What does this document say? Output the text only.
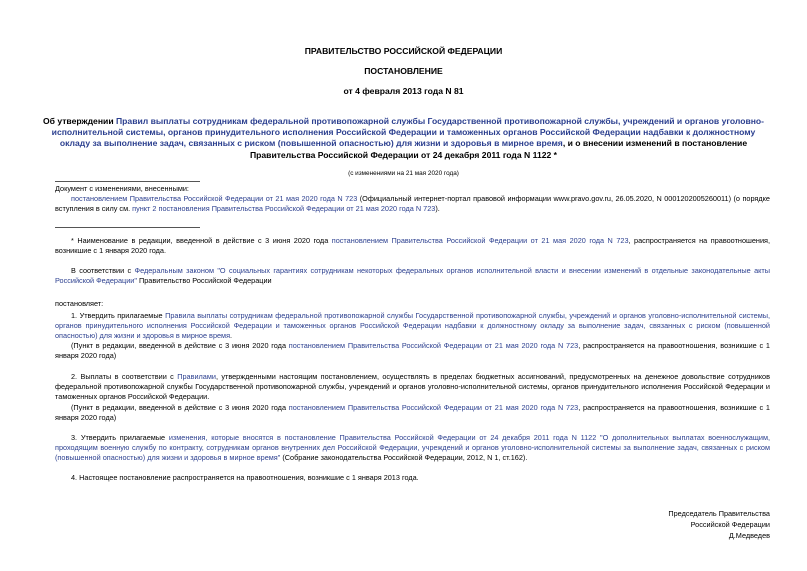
ПРАВИТЕЛЬСТВО РОССИЙСКОЙ ФЕДЕРАЦИИ
ПОСТАНОВЛЕНИЕ
от 4 февраля 2013 года N 81
Об утверждении Правил выплаты сотрудникам федеральной противопожарной службы Государственной противопожарной службы, учреждений и органов уголовно-исполнительной системы, органов принудительного исполнения Российской Федерации и таможенных органов Российской Федерации надбавки к должностному окладу за выполнение задач, связанных с риском (повышенной опасностью) для жизни и здоровья в мирное время, и о внесении изменений в постановление Правительства Российской Федерации от 24 декабря 2011 года N 1122 *
(с изменениями на 21 мая 2020 года)
Документ с изменениями, внесенными:
постановлением Правительства Российской Федерации от 21 мая 2020 года N 723 (Официальный интернет-портал правовой информации www.pravo.gov.ru, 26.05.2020, N 0001202005260011) (о порядке вступления в силу см. пункт 2 постановления Правительства Российской Федерации от 21 мая 2020 года N 723).
* Наименование в редакции, введенной в действие с 3 июня 2020 года постановлением Правительства Российской Федерации от 21 мая 2020 года N 723, распространяется на правоотношения, возникшие с 1 января 2020 года.
В соответствии с Федеральным законом "О социальных гарантиях сотрудникам некоторых федеральных органов исполнительной власти и внесении изменений в отдельные законодательные акты Российской Федерации" Правительство Российской Федерации
постановляет:
1. Утвердить прилагаемые Правила выплаты сотрудникам федеральной противопожарной службы Государственной противопожарной службы, учреждений и органов уголовно-исполнительной системы, органов принудительного исполнения Российской Федерации и таможенных органов Российской Федерации надбавки к должностному окладу за выполнение задач, связанных с риском (повышенной опасностью) для жизни и здоровья в мирное время.
(Пункт в редакции, введенной в действие с 3 июня 2020 года постановлением Правительства Российской Федерации от 21 мая 2020 года N 723, распространяется на правоотношения, возникшие с 1 января 2020 года)
2. Выплаты в соответствии с Правилами, утвержденными настоящим постановлением, осуществлять в пределах бюджетных ассигнований, предусмотренных на денежное довольствие сотрудников федеральной противопожарной службы Государственной противопожарной службы, учреждений и органов уголовно-исполнительной системы, органов принудительного исполнения Российской Федерации и таможенных органов Российской Федерации.
(Пункт в редакции, введенной в действие с 3 июня 2020 года постановлением Правительства Российской Федерации от 21 мая 2020 года N 723, распространяется на правоотношения, возникшие с 1 января 2020 года)
3. Утвердить прилагаемые изменения, которые вносятся в постановление Правительства Российской Федерации от 24 декабря 2011 года N 1122 "О дополнительных выплатах военнослужащим, проходящим военную службу по контракту, сотрудникам органов внутренних дел Российской Федерации, учреждений и органов уголовно-исполнительной системы за выполнение задач, связанных с риском (повышенной опасностью) для жизни и здоровья в мирное время" (Собрание законодательства Российской Федерации, 2012, N 1, ст.162).
4. Настоящее постановление распространяется на правоотношения, возникшие с 1 января 2013 года.
Председатель Правительства
Российской Федерации
Д.Медведев
